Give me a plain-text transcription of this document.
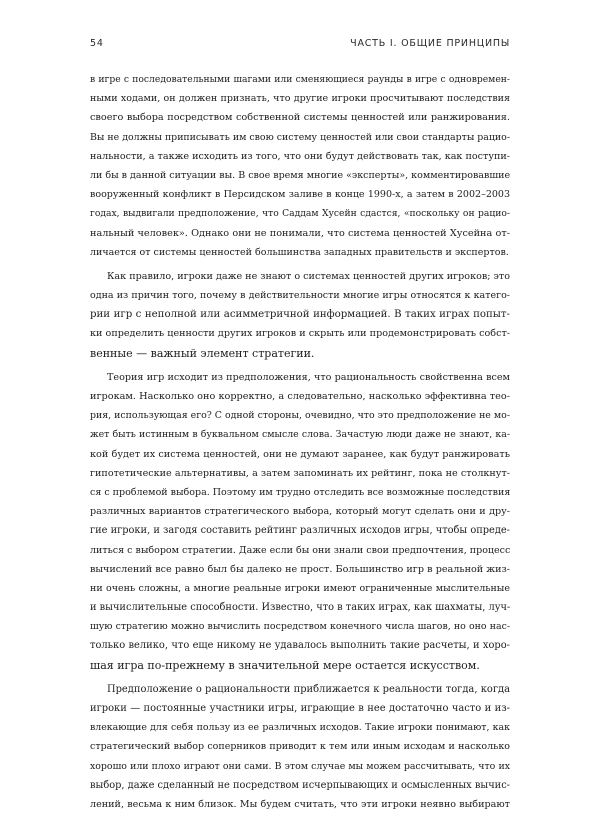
54	ЧАСТЬ I. ОБЩИЕ ПРИНЦИПЫ
в игре с последовательными шагами или сменяющиеся раунды в игре с одновремен-
ными ходами, он должен признать, что другие игроки просчитывают последствия
своего выбора посредством собственной системы ценностей или ранжирования.
Вы не должны приписывать им свою систему ценностей или свои стандарты рацио-
нальности, а также исходить из того, что они будут действовать так, как поступи-
ли бы в данной ситуации вы. В свое время многие «эксперты», комментировавшие
вооруженный конфликт в Персидском заливе в конце 1990-х, а затем в 2002–2003
годах, выдвигали предположение, что Саддам Хусейн сдастся, «поскольку он рацио-
нальный человек». Однако они не понимали, что система ценностей Хусейна от-
личается от системы ценностей большинства западных правительств и экспертов.
Как правило, игроки даже не знают о системах ценностей других игроков; это
одна из причин того, почему в действительности многие игры относятся к катего-
рии игр с неполной или асимметричной информацией. В таких играх попыт-
ки определить ценности других игроков и скрыть или продемонстрировать собст-
венные — важный элемент стратегии.
Теория игр исходит из предположения, что рациональность свойственна всем
игрокам. Насколько оно корректно, а следовательно, насколько эффективна тео-
рия, использующая его? С одной стороны, очевидно, что это предположение не мо-
жет быть истинным в буквальном смысле слова. Зачастую люди даже не знают, ка-
кой будет их система ценностей, они не думают заранее, как будут ранжировать
гипотетические альтернативы, а затем запоминать их рейтинг, пока не столкнут-
ся с проблемой выбора. Поэтому им трудно отследить все возможные последствия
различных вариантов стратегического выбора, который могут сделать они и дру-
гие игроки, и загодя составить рейтинг различных исходов игры, чтобы опреде-
литься с выбором стратегии. Даже если бы они знали свои предпочтения, процесс
вычислений все равно был бы далеко не прост. Большинство игр в реальной жиз-
ни очень сложны, а многие реальные игроки имеют ограниченные мыслительные
и вычислительные способности. Известно, что в таких играх, как шахматы, луч-
шую стратегию можно вычислить посредством конечного числа шагов, но оно нас-
только велико, что еще никому не удавалось выполнить такие расчеты, и хоро-
шая игра по-прежнему в значительной мере остается искусством.
Предположение о рациональности приближается к реальности тогда, когда
игроки — постоянные участники игры, играющие в нее достаточно часто и из-
влекающие для себя пользу из ее различных исходов. Такие игроки понимают, как
стратегический выбор соперников приводит к тем или иным исходам и насколько
хорошо или плохо играют они сами. В этом случае мы можем рассчитывать, что их
выбор, даже сделанный не посредством исчерпывающих и осмысленных вычис-
лений, весьма к ним близок. Мы будем считать, что эти игроки неявно выбирают
